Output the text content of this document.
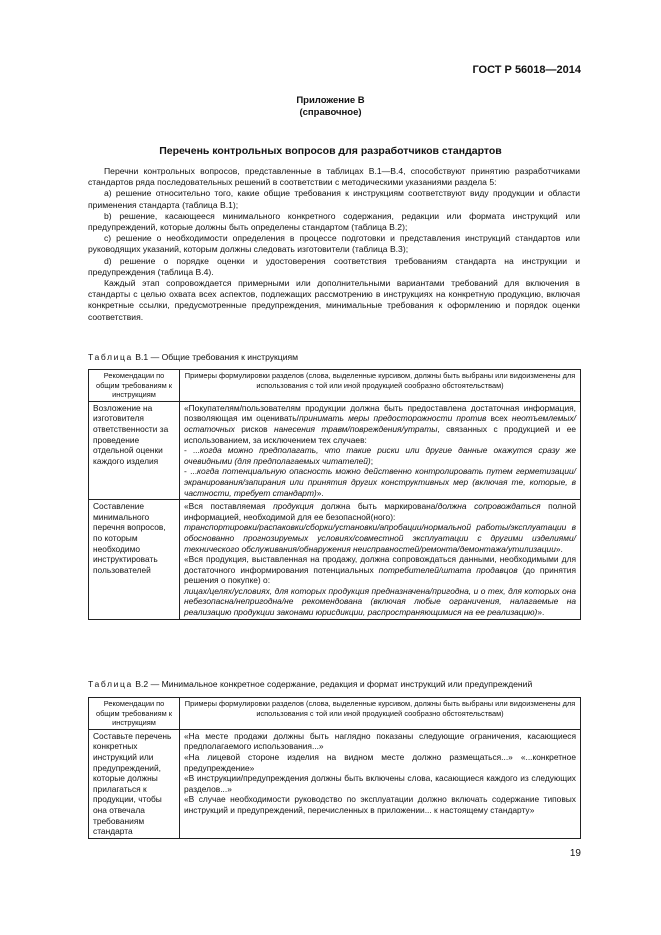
ГОСТ Р 56018—2014
Приложение В
(справочное)
Перечень контрольных вопросов для разработчиков стандартов

Перечни контрольных вопросов, представленные в таблицах В.1—В.4, способствуют принятию разработчиками стандартов ряда последовательных решений в соответствии с методическими указаниями раздела 5:

а) решение относительно того, какие общие требования к инструкциям соответствуют виду продукции и области применения стандарта (таблица В.1);

b) решение, касающееся минимального конкретного содержания, редакции или формата инструкций или предупреждений, которые должны быть определены стандартом (таблица В.2);

с) решение о необходимости определения в процессе подготовки и представления инструкций стандартов или руководящих указаний, которым должны следовать изготовители (таблица В.3);

d) решение о порядке оценки и удостоверения соответствия требованиям стандарта на инструкции и предупреждения (таблица В.4).

Каждый этап сопровождается примерными или дополнительными вариантами требований для включения в стандарты с целью охвата всех аспектов, подлежащих рассмотрению в инструкциях на конкретную продукцию, включая конкретные ссылки, предусмотренные предупреждения, минимальные требования к оформлению и порядок оценки соответствия.

Таблица В.1 — Общие требования к инструкциям
Рекомендации по общим требованиям к инструкциям	Примеры формулировки разделов (слова, выделенные курсивом, должны быть выбраны или видоизменены для использования с той или иной продукцией сообразно обстоятельствам)
Возложение на изготовителя ответственности за проведение отдельной оценки каждого изделия	«Покупателям/пользователям продукции должна быть предоставлена достаточная информация, позволяющая им оценивать/принимать меры предосторожности против всех неотъемлемых/остаточных рисков нанесения травм/повреждения/утраты, связанных с продукцией и ее использованием, за исключением тех случаев:
- ...когда можно предполагать, что такие риски или другие данные окажутся сразу же очевидными (для предполагаемых читателей);
- ...когда потенциальную опасность можно действенно контролировать путем герметизации/экранирования/запирания или принятия других конструктивных мер (включая те, которые, в частности, требует стандарт)».

Составление минимального перечня вопросов, по которым необходимо инструктировать пользователей	«Вся поставляемая продукция должна быть маркирована/должна сопровождаться полной информацией, необходимой для ее безопасной(ного):
транспортировки/распаковки/сборки/установки/апробации/нормальной работы/эксплуатации в обоснованно прогнозируемых условиях/совместной эксплуатации с другими изделиями/технического обслуживания/обнаружения неисправностей/ремонта/демонтажа/утилизации».
«Вся продукция, выставленная на продажу, должна сопровождаться данными, необходимыми для достаточного информирования потенциальных потребителей/штата продавцов (до принятия решения о покупке) о:
лицах/целях/условиях, для которых продукция предназначена/пригодна, и о тех, для которых она небезопасна/непригодна/не рекомендована (включая любые ограничения, налагаемые на реализацию продукции законами юрисдикции, распространяющимися на ее реализацию)».
Таблица В.2 — Минимальное конкретное содержание, редакция и формат инструкций или предупреждений
Рекомендации по общим требованиям к инструкциям	Примеры формулировки разделов (слова, выделенные курсивом, должны быть выбраны или видоизменены для использования с той или иной продукцией сообразно обстоятельствам)
Составьте перечень конкретных инструкций или предупреждений, которые должны прилагаться к продукции, чтобы она отвечала требованиям стандарта	«На месте продажи должны быть наглядно показаны следующие ограничения, касающиеся предполагаемого использования...»
«На лицевой стороне изделия на видном месте должно размещаться...» «...конкретное предупреждение»
«В инструкции/предупреждения должны быть включены слова, касающиеся каждого из следующих разделов...»
«В случае необходимости руководство по эксплуатации должно включать содержание типовых инструкций и предупреждений, перечисленных в приложении... к настоящему стандарту»
19
